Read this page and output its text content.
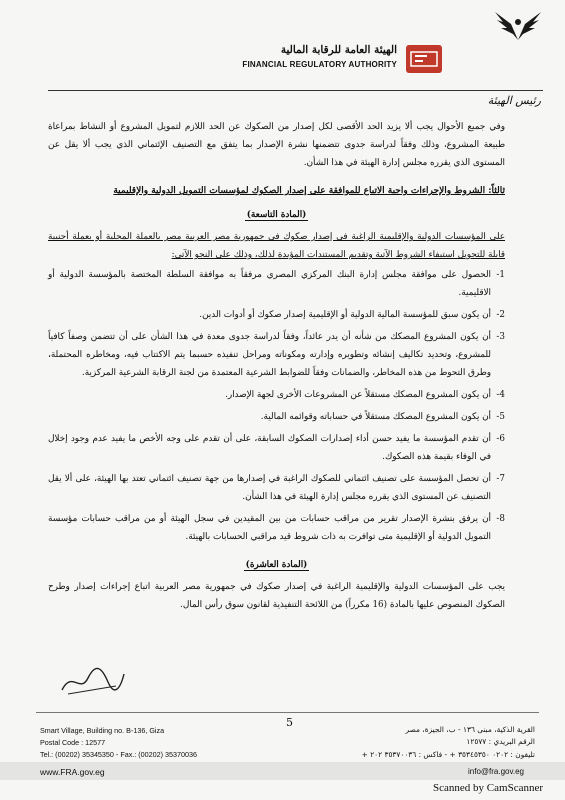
الهيئة العامة للرقابة المالية
FINANCIAL REGULATORY AUTHORITY
رئيس الهيئة

وفي جميع الأحوال يجب ألا يزيد الحد الأقصى لكل إصدار من الصكوك عن الحد اللازم لتمويل المشروع أو النشاط بمراعاة طبيعة المشروع، وذلك وفقاً لدراسة جدوى تتضمنها نشرة الإصدار بما يتفق مع التصنيف الإئتماني الذي يجب ألا يقل عن المستوى الذي يقرره مجلس إدارة الهيئة في هذا الشأن.

ثالثاً: الشروط والإجراءات واجبة الاتباع للموافقة على إصدار الصكوك لمؤسسات التمويل الدولية والإقليمية

(المادة التاسعة)

على المؤسسات الدولية والإقليمية الراغبة في إصدار صكوك في جمهورية مصر العربية مصر بالعملة المحلية أو بعملة أجنبية قابلة للتحويل استيفاء الشروط الآتية وتقديم المستندات المؤيدة لذلك، وذلك على النحو الآتي:

1-
الحصول على موافقة مجلس إدارة البنك المركزي المصري مرفقاً به موافقة السلطة المختصة بالمؤسسة الدولية أو الاقليمية.
2-
أن يكون سبق للمؤسسة المالية الدولية أو الإقليمية إصدار صكوك أو أدوات الدين.
3-
أن يكون المشروع المصكك من شأنه أن يدر عائداً، وفقاً لدراسة جدوى معدة في هذا الشأن على أن تتضمن وصفاً كافياً للمشروع، وتحديد تكاليف إنشائه وتطويره وإدارته ومكوناته ومراحل تنفيذه حسبما يتم الاكتتاب فيه، ومخاطره المحتملة، وطرق التحوط من هذه المخاطر، والضمانات وفقاً للضوابط الشرعية المعتمدة من لجنة الرقابة الشرعية المركزية.
4-
أن يكون المشروع المصكك مستقلاً عن المشروعات الأخرى لجهة الإصدار.
5-
أن يكون المشروع المصكك مستقلاً في حساباته وقوائمه المالية.
6-
أن تقدم المؤسسة ما يفيد حسن أداء إصدارات الصكوك السابقة، على أن تقدم على وجه الأخص ما يفيد عدم وجود إخلال في الوفاء بقيمة هذه الصكوك.
7-
أن تحصل المؤسسة على تصنيف ائتماني للصكوك الراغبة في إصدارها من جهة تصنيف ائتماني تعتد بها الهيئة، على ألا يقل التصنيف عن المستوى الذي يقرره مجلس إدارة الهيئة في هذا الشأن.
8-
أن يرفق بنشرة الإصدار تقرير من مراقب حسابات من بين المقيدين في سجل الهيئة أو من مراقب حسابات مؤسسة التمويل الدولية أو الإقليمية متى توافرت به ذات شروط قيد مراقبي الحسابات بالهيئة.

(المادة العاشرة)

يجب على المؤسسات الدولية والإقليمية الراغبة في إصدار صكوك في جمهورية مصر العربية اتباع إجراءات إصدار وطرح الصكوك المنصوص عليها بالمادة (16 مكرراً) من اللائحة التنفيذية لقانون سوق رأس المال.

5
Smart Village, Building no. B-136, Giza
Postal Code : 12577
Tel.: (00202) 35345350 - Fax.: (00202) 35370036
www.FRA.gov.eg
القرية الذكية، مبنى ١٣٦ - ب، الجيزة، مصر
الرقم البريدي : ١٢٥٧٧
تليفون : ٠٢٠٢ ٣٥٣٤٥٣٥٠ + - فاكس : ٣٥٣٧٠٠٣٦ ٢٠٢ +
info@fra.gov.eg
Scanned by CamScanner
